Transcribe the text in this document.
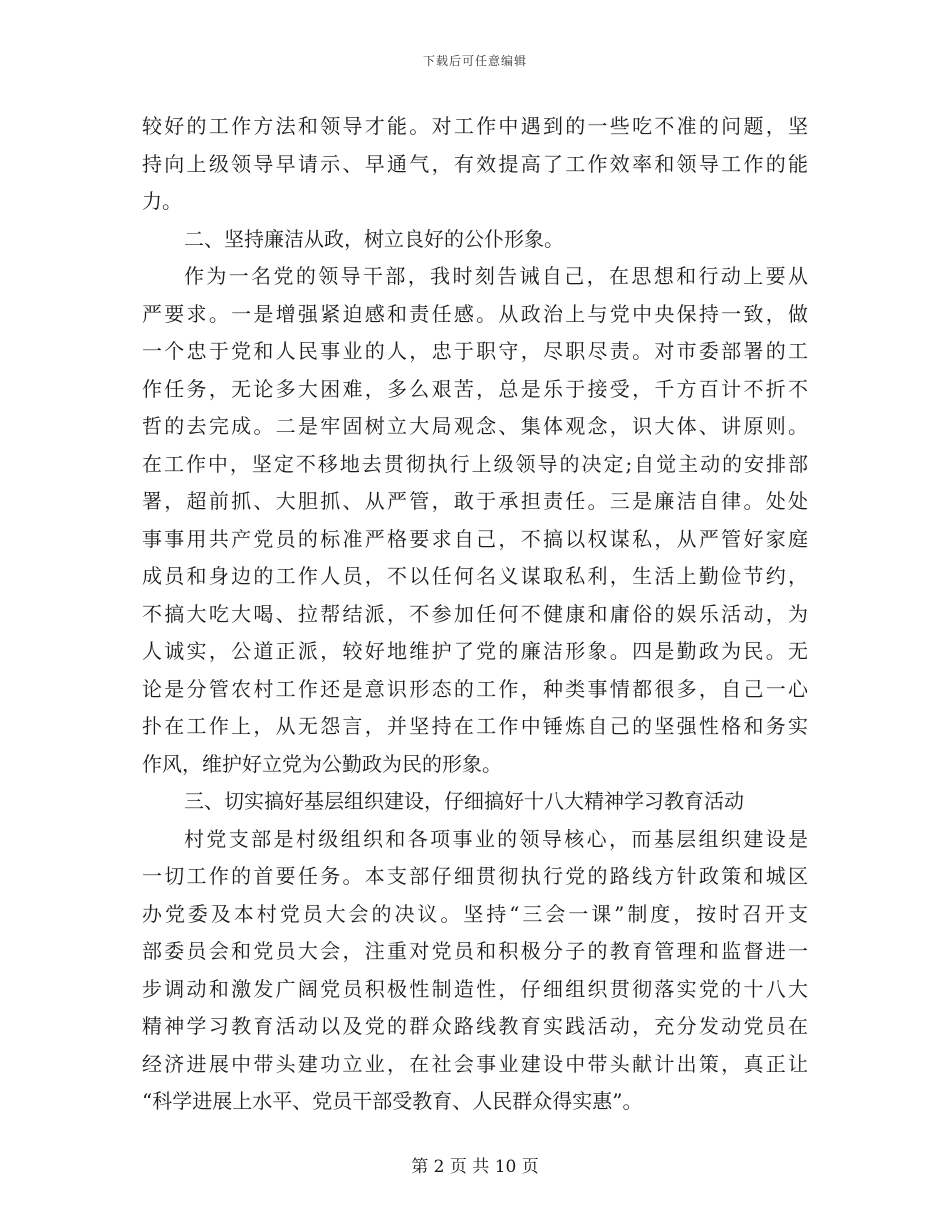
下载后可任意编辑
较好的工作方法和领导才能。对工作中遇到的一些吃不准的问题，坚
持向上级领导早请示、早通气，有效提高了工作效率和领导工作的能
力。
二、坚持廉洁从政，树立良好的公仆形象。
作为一名党的领导干部，我时刻告诫自己，在思想和行动上要从
严要求。一是增强紧迫感和责任感。从政治上与党中央保持一致，做
一个忠于党和人民事业的人，忠于职守，尽职尽责。对市委部署的工
作任务，无论多大困难，多么艰苦，总是乐于接受，千方百计不折不
哲的去完成。二是牢固树立大局观念、集体观念，识大体、讲原则。
在工作中，坚定不移地去贯彻执行上级领导的决定;自觉主动的安排部
署，超前抓、大胆抓、从严管，敢于承担责任。三是廉洁自律。处处
事事用共产党员的标准严格要求自己，不搞以权谋私，从严管好家庭
成员和身边的工作人员，不以任何名义谋取私利，生活上勤俭节约，
不搞大吃大喝、拉帮结派，不参加任何不健康和庸俗的娱乐活动，为
人诚实，公道正派，较好地维护了党的廉洁形象。四是勤政为民。无
论是分管农村工作还是意识形态的工作，种类事情都很多，自己一心
扑在工作上，从无怨言，并坚持在工作中锤炼自己的坚强性格和务实
作风，维护好立党为公勤政为民的形象。
三、切实搞好基层组织建设，仔细搞好十八大精神学习教育活动
村党支部是村级组织和各项事业的领导核心，而基层组织建设是
一切工作的首要任务。本支部仔细贯彻执行党的路线方针政策和城区
办党委及本村党员大会的决议。坚持“三会一课”制度，按时召开支
部委员会和党员大会，注重对党员和积极分子的教育管理和监督进一
步调动和激发广阔党员积极性制造性，仔细组织贯彻落实党的十八大
精神学习教育活动以及党的群众路线教育实践活动，充分发动党员在
经济进展中带头建功立业，在社会事业建设中带头献计出策，真正让
“科学进展上水平、党员干部受教育、人民群众得实惠”。
第 2 页 共 10 页
